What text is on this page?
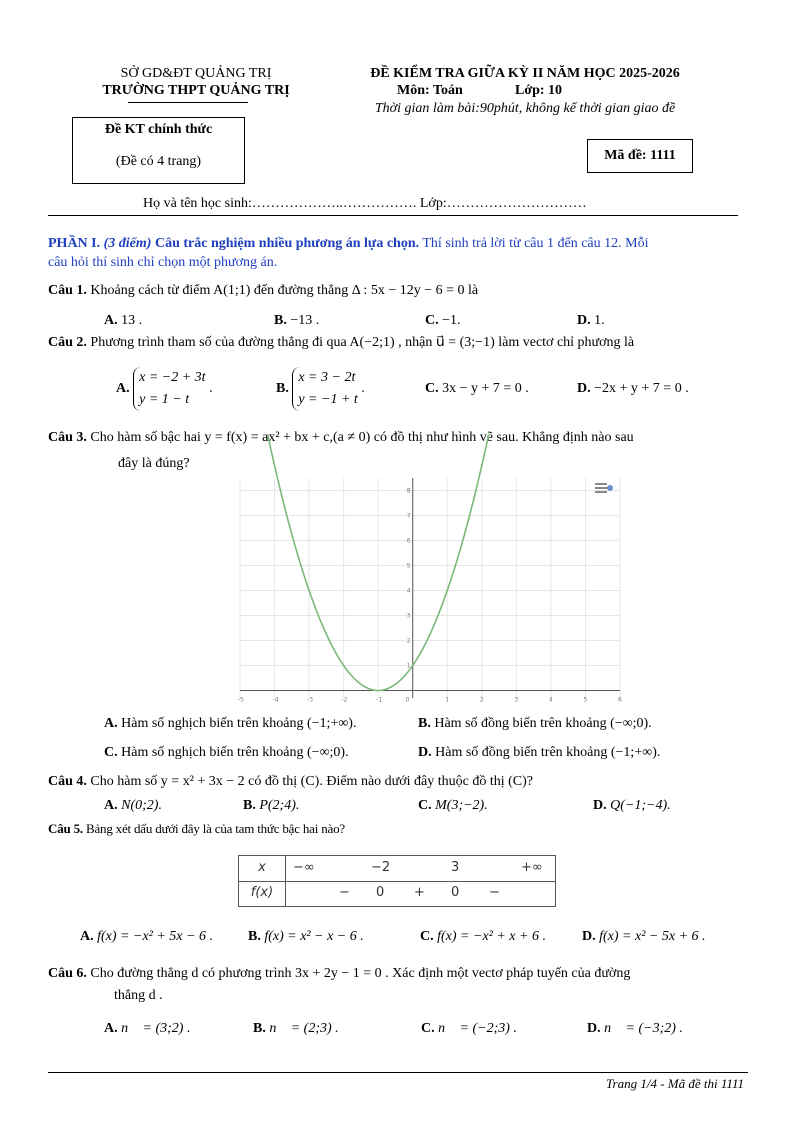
SỞ GD&ĐT QUẢNG TRỊ
TRƯỜNG THPT QUẢNG TRỊ
ĐỀ KIỂM TRA GIỮA KỲ II NĂM HỌC 2025-2026
Môn: Toán	Lớp: 10
Thời gian làm bài:90phút, không kể thời gian giao đề
Đề KT chính thức
(Đề có 4 trang)	Mã đề: 1111
Họ và tên học sinh:………………..……………. Lớp:…………………………
PHẦN I. (3 điểm) Câu trắc nghiệm nhiều phương án lựa chọn. Thí sinh trả lời từ câu 1 đến câu 12. Mỗi
câu hỏi thí sinh chỉ chọn một phương án.
Câu 1. Khoảng cách từ điểm A(1;1) đến đường thẳng Δ : 5x − 12y − 6 = 0 là
A. 13 .	B. −13 .	C. −1.	D. 1.
Câu 2. Phương trình tham số của đường thẳng đi qua A(−2;1) , nhận u⃗ = (3;−1) làm vectơ chỉ phương là
A. x = −2 + 3t
y = 1 − t .	B. x = 3 − 2t
y = −1 + t .	C. 3x − y + 7 = 0 .	D. −2x + y + 7 = 0 .
Câu 3. Cho hàm số bậc hai y = f(x) = ax² + bx + c,(a ≠ 0) có đồ thị như hình vẽ sau. Khẳng định nào sau
đây là đúng?
-5	-4	-3	-2	-1	0	1	2	3	4	5	6
1
2
3
4
5
6
7
8
A. Hàm số nghịch biến trên khoảng (−1;+∞).	B. Hàm số đồng biến trên khoảng (−∞;0).
C. Hàm số nghịch biến trên khoảng (−∞;0).	D. Hàm số đồng biến trên khoảng (−1;+∞).
Câu 4. Cho hàm số y = x² + 3x − 2 có đồ thị (C). Điểm nào dưới đây thuộc đồ thị (C)?
A. N(0;2).	B. P(2;4).	C. M(3;−2).	D. Q(−1;−4).
Câu 5. Bảng xét dấu dưới đây là của tam thức bậc hai nào?
x	−∞	−2	3	+∞
f(x)	− 0 + 0 −
A. f(x) = −x² + 5x − 6 .	B. f(x) = x² − x − 6 .	C. f(x) = −x² + x + 6 .	D. f(x) = x² − 5x + 6 .
Câu 6. Cho đường thẳng d có phương trình 3x + 2y − 1 = 0 . Xác định một vectơ pháp tuyến của đường
thẳng d .
A. n⃗ = (3;2) .	B. n⃗ = (2;3) .	C. n⃗ = (−2;3) .	D. n⃗ = (−3;2) .
Trang 1/4 - Mã đề thi 1111
